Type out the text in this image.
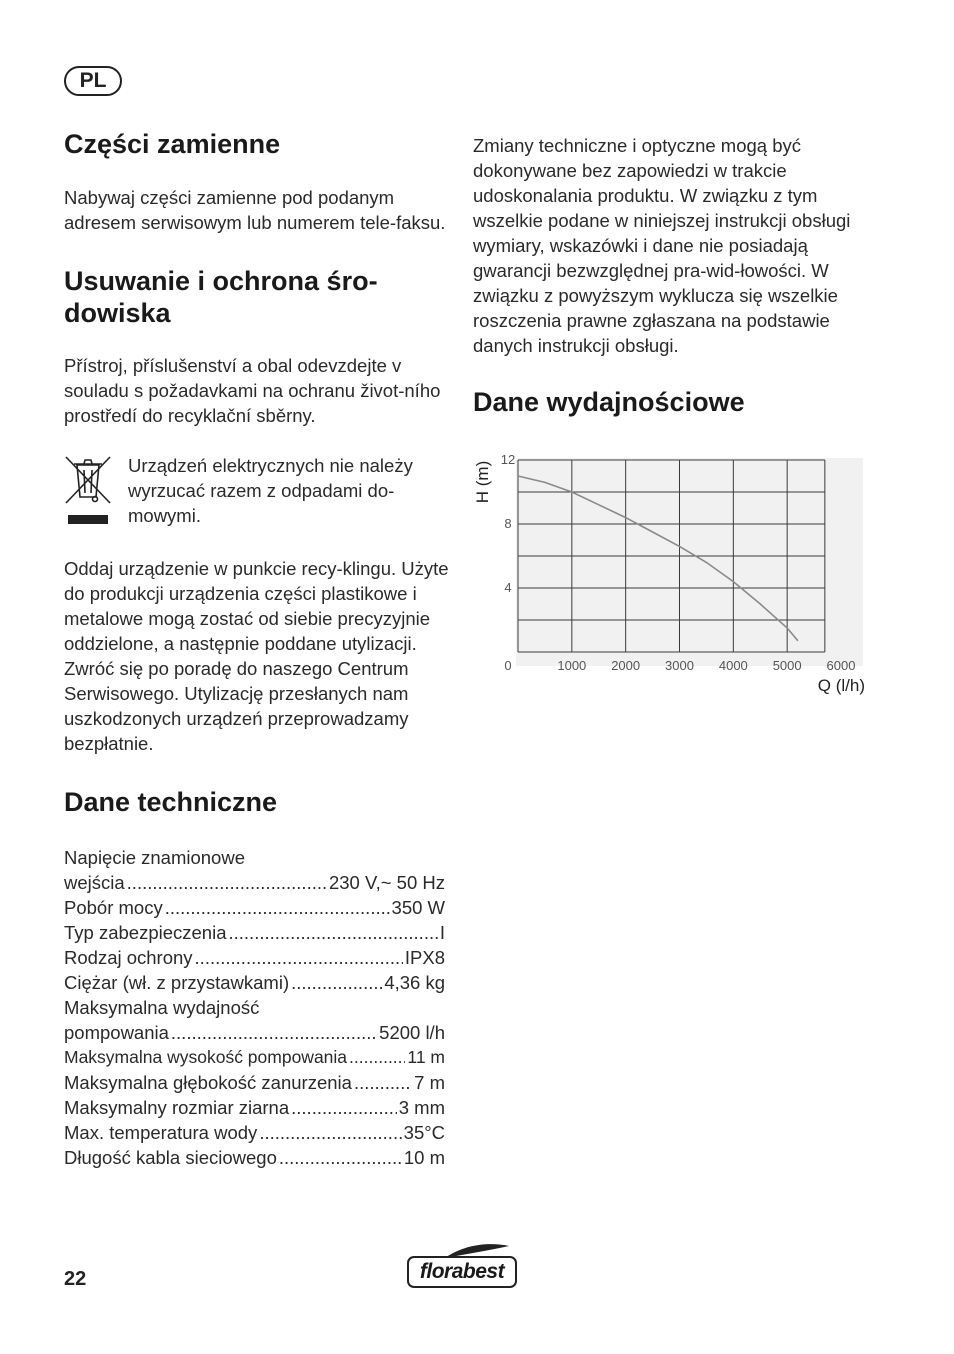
PL
Części zamienne

Nabywaj części zamienne pod podanym adresem serwisowym lub numerem tele-faksu.

Usuwanie i ochrona śro-dowiska

Přístroj, příslušenství a obal odevzdejte v souladu s požadavkami na ochranu život-ního prostředí do recyklační sběrny.

Urządzeń elektrycznych nie należy wyrzucać razem z odpadami do-mowymi.

Oddaj urządzenie w punkcie recy-klingu. Użyte do produkcji urządzenia części plastikowe i metalowe mogą zostać od siebie precyzyjnie oddzielone, a następnie poddane utylizacji. Zwróć się po poradę do naszego Centrum Serwisowego. Utylizację przesłanych nam uszkodzonych urządzeń przeprowadzamy bezpłatnie.

Dane techniczne
Napięcie znamionowe
wejścia .....	230 V,~ 50 Hz
Pobór mocy .....	350 W
Typ zabezpieczenia .....	I
Rodzaj ochrony .....	IPX8
Ciężar (wł. z przystawkami) .....	4,36 kg
Maksymalna wydajność
pompowania .....	5200 l/h
Maksymalna wysokość pompowania .....	11 m
Maksymalna głębokość zanurzenia .....	7 m
Maksymalny rozmiar ziarna .....	3 mm
Max. temperatura wody .....	35°C
Długość kabla sieciowego .....	10 m

Zmiany techniczne i optyczne mogą być dokonywane bez zapowiedzi w trakcie udoskonalania produktu. W związku z tym wszelkie podane w niniejszej instrukcji obsługi wymiary, wskazówki i dane nie posiadają gwarancji bezwzględnej pra-wid-łowości. W związku z powyższym wyklucza się wszelkie roszczenia prawne zgłaszana na podstawie danych instrukcji obsługi.

Dane wydajnościowe
0	1000 2000 3000 4000 5000 6000
4
8
12
H (m)
Q (l/h)
22	florabest
